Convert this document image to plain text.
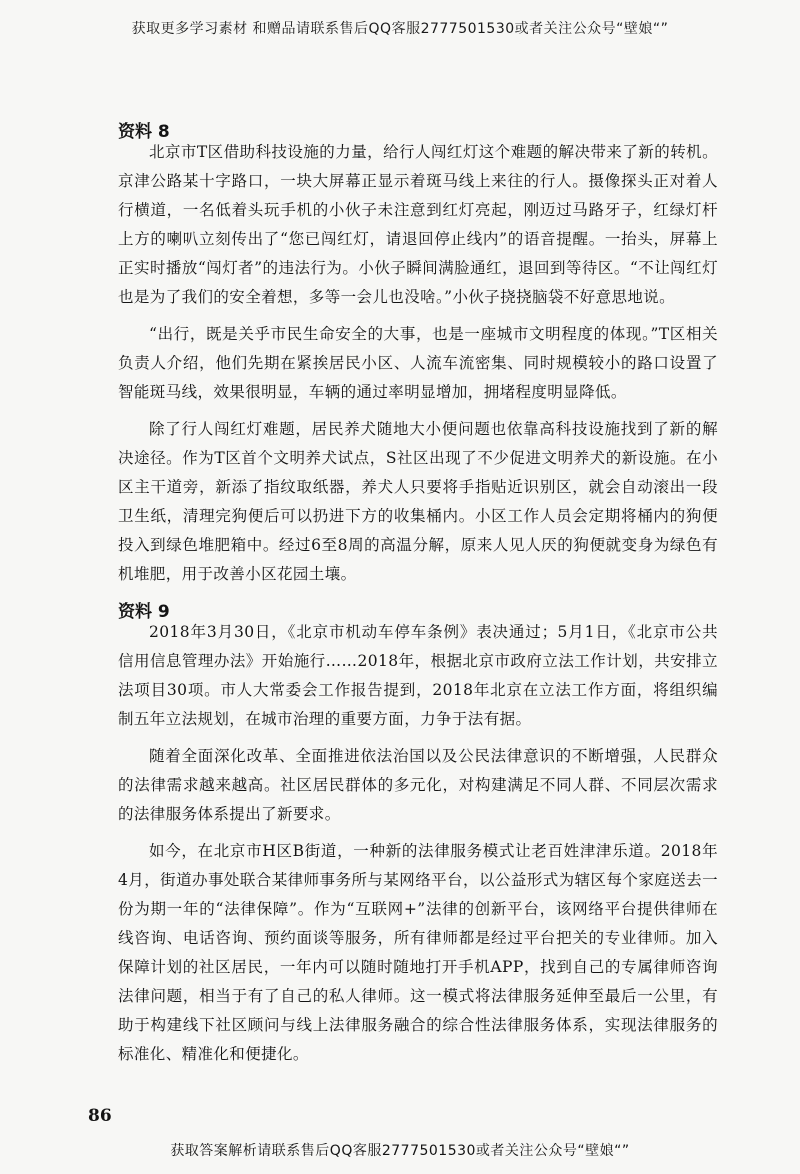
获取更多学习素材 和赠品请联系售后QQ客服2777501530或者关注公众号“壁娘“”
资料 8

北京市T区借助科技设施的力量，给行人闯红灯这个难题的解决带来了新的转机。京津公路某十字路口，一块大屏幕正显示着斑马线上来往的行人。摄像探头正对着人行横道，一名低着头玩手机的小伙子未注意到红灯亮起，刚迈过马路牙子，红绿灯杆上方的喇叭立刻传出了“您已闯红灯，请退回停止线内”的语音提醒。一抬头，屏幕上正实时播放“闯灯者”的违法行为。小伙子瞬间满脸通红，退回到等待区。“不让闯红灯也是为了我们的安全着想，多等一会儿也没啥。”小伙子挠挠脑袋不好意思地说。

“出行，既是关乎市民生命安全的大事，也是一座城市文明程度的体现。”T区相关负责人介绍，他们先期在紧挨居民小区、人流车流密集、同时规模较小的路口设置了智能斑马线，效果很明显，车辆的通过率明显增加，拥堵程度明显降低。

除了行人闯红灯难题，居民养犬随地大小便问题也依靠高科技设施找到了新的解决途径。作为T区首个文明养犬试点，S社区出现了不少促进文明养犬的新设施。在小区主干道旁，新添了指纹取纸器，养犬人只要将手指贴近识别区，就会自动滚出一段卫生纸，清理完狗便后可以扔进下方的收集桶内。小区工作人员会定期将桶内的狗便投入到绿色堆肥箱中。经过6至8周的高温分解，原来人见人厌的狗便就变身为绿色有机堆肥，用于改善小区花园土壤。

资料 9

2018年3月30日，《北京市机动车停车条例》表决通过；5月1日，《北京市公共信用信息管理办法》开始施行……2018年，根据北京市政府立法工作计划，共安排立法项目30项。市人大常委会工作报告提到，2018年北京在立法工作方面，将组织编制五年立法规划，在城市治理的重要方面，力争于法有据。

随着全面深化改革、全面推进依法治国以及公民法律意识的不断增强，人民群众的法律需求越来越高。社区居民群体的多元化，对构建满足不同人群、不同层次需求的法律服务体系提出了新要求。

如今，在北京市H区B街道，一种新的法律服务模式让老百姓津津乐道。2018年4月，街道办事处联合某律师事务所与某网络平台，以公益形式为辖区每个家庭送去一份为期一年的“法律保障”。作为“互联网+”法律的创新平台，该网络平台提供律师在线咨询、电话咨询、预约面谈等服务，所有律师都是经过平台把关的专业律师。加入保障计划的社区居民，一年内可以随时随地打开手机APP，找到自己的专属律师咨询法律问题，相当于有了自己的私人律师。这一模式将法律服务延伸至最后一公里，有助于构建线下社区顾问与线上法律服务融合的综合性法律服务体系，实现法律服务的标准化、精准化和便捷化。

86
获取答案解析请联系售后QQ客服2777501530或者关注公众号“壁娘“”
